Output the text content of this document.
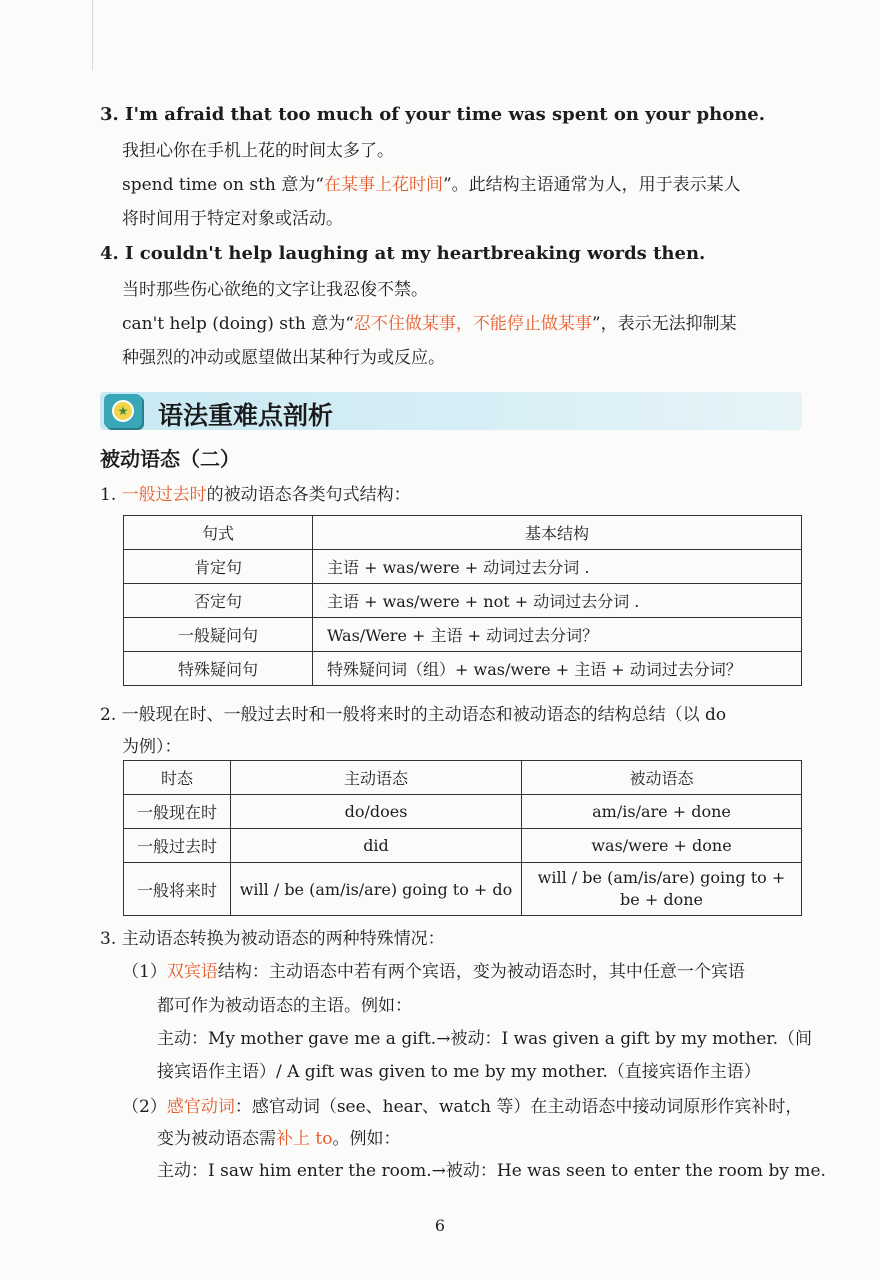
3. I'm afraid that too much of your time was spent on your phone.
我担心你在手机上花的时间太多了。
spend time on sth 意为“在某事上花时间”。此结构主语通常为人，用于表示某人
将时间用于特定对象或活动。
4. I couldn't help laughing at my heartbreaking words then.
当时那些伤心欲绝的文字让我忍俊不禁。
can't help (doing) sth 意为“忍不住做某事，不能停止做某事”，表示无法抑制某
种强烈的冲动或愿望做出某种行为或反应。
★ 语法重难点剖析
被动语态（二）
1. 一般过去时的被动语态各类句式结构：
句式	基本结构
肯定句	主语 + was/were + 动词过去分词 .
否定句	主语 + was/were + not + 动词过去分词 .
一般疑问句	Was/Were + 主语 + 动词过去分词？
特殊疑问句	特殊疑问词（组）+ was/were + 主语 + 动词过去分词？
2. 一般现在时、一般过去时和一般将来时的主动语态和被动语态的结构总结（以 do
为例）：
时态	主动语态	被动语态
一般现在时	do/does	am/is/are + done
一般过去时	did	was/were + done
一般将来时	will / be (am/is/are) going to + do	will / be (am/is/are) going to +
be + done
3. 主动语态转换为被动语态的两种特殊情况：
（1）双宾语结构：主动语态中若有两个宾语，变为被动语态时，其中任意一个宾语
都可作为被动语态的主语。例如：
主动：My mother gave me a gift.→被动：I was given a gift by my mother.（间
接宾语作主语）/ A gift was given to me by my mother.（直接宾语作主语）
（2）感官动词：感官动词（see、hear、watch 等）在主动语态中接动词原形作宾补时，
变为被动语态需补上 to。例如：
主动：I saw him enter the room.→被动：He was seen to enter the room by me.
6
